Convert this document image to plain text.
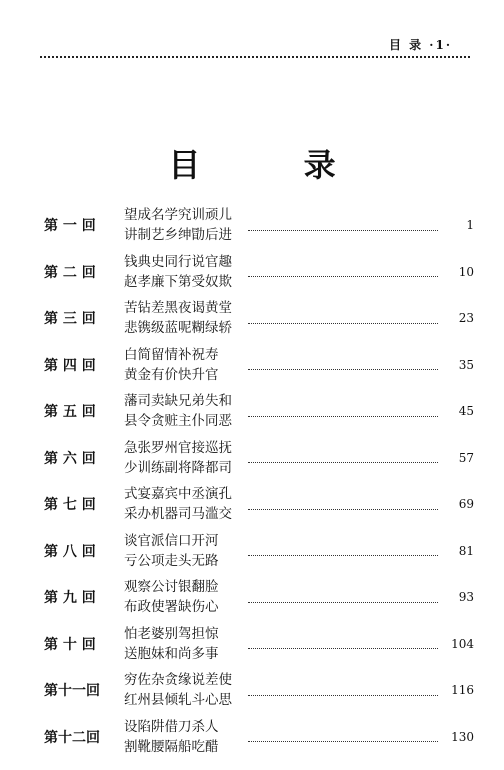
目 录 ·1·
目 录
第 一 回
望成名学究训顽儿
讲制艺乡绅勖后进
1
第 二 回
钱典史同行说官趣
赵孝廉下第受奴欺
10
第 三 回
苦钻差黑夜谒黄堂
悲镌级蓝呢糊绿轿
23
第 四 回
白简留情补祝寿
黄金有价快升官
35
第 五 回
藩司卖缺兄弟失和
县令贪赃主仆同恶
45
第 六 回
急张罗州官接巡抚
少训练副将降都司
57
第 七 回
式宴嘉宾中丞演孔
采办机器司马滥交
69
第 八 回
谈官派信口开河
亏公项走头无路
81
第 九 回
观察公讨银翻脸
布政使署缺伤心
93
第 十 回
怕老婆别驾担惊
送胞妹和尚多事
104
第十一回
穷佐杂贪缘说差使
红州县倾轧斗心思
116
第十二回
设陷阱借刀杀人
割靴腰隔船吃醋
130
